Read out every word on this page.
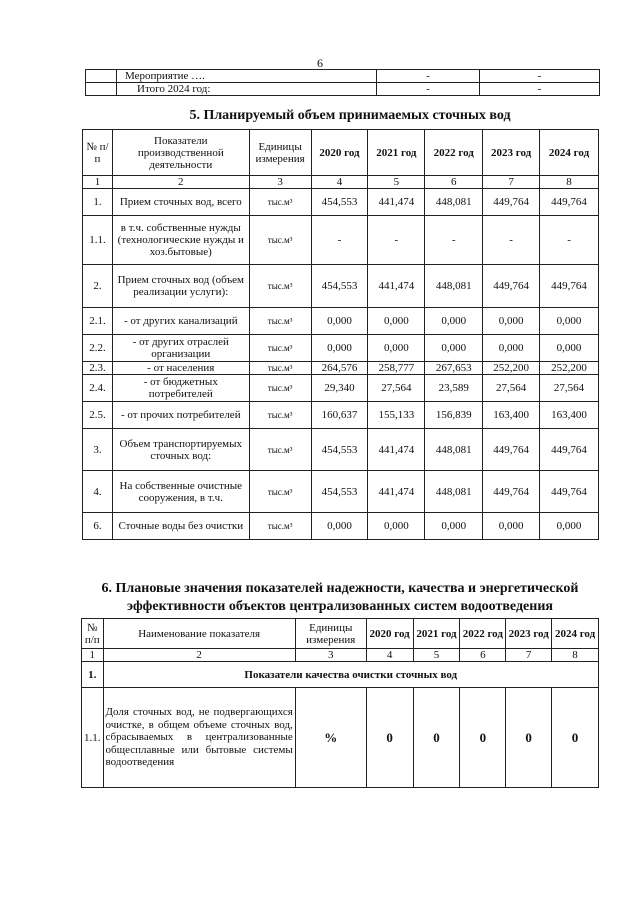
6
	Мероприятие ….	-	-
	Итого 2024 год:	-	-
5. Планируемый объем принимаемых сточных вод
№ п/п	Показатели производственной деятельности	Единицы измерения	2020 год	2021 год	2022 год	2023 год	2024 год
1	2	3	4	5	6	7	8
1.	Прием сточных вод, всего	тыс.м³	454,553	441,474	448,081	449,764	449,764
1.1.	в т.ч. собственные нужды (технологические нужды и хоз.бытовые)	тыс.м³	-	-	-	-	-
2.	Прием сточных вод (объем реализации услуги):	тыс.м³	454,553	441,474	448,081	449,764	449,764
2.1.	- от других канализаций	тыс.м³	0,000	0,000	0,000	0,000	0,000
2.2.	- от других отраслей организации	тыс.м³	0,000	0,000	0,000	0,000	0,000
2.3.	- от населения	тыс.м³	264,576	258,777	267,653	252,200	252,200
2.4.	- от бюджетных потребителей	тыс.м³	29,340	27,564	23,589	27,564	27,564
2.5.	- от прочих потребителей	тыс.м³	160,637	155,133	156,839	163,400	163,400
3.	Объем транспортируемых сточных вод:	тыс.м³	454,553	441,474	448,081	449,764	449,764
4.	На собственные очистные сооружения, в т.ч.	тыс.м³	454,553	441,474	448,081	449,764	449,764
6.	Сточные воды без очистки	тыс.м³	0,000	0,000	0,000	0,000	0,000
6. Плановые значения показателей надежности, качества и энергетической эффективности объектов централизованных систем водоотведения
№ п/п	Наименование показателя	Единицы измерения	2020 год	2021 год	2022 год	2023 год	2024 год
1	2	3	4	5	6	7	8
1.	Показатели качества очистки сточных вод						
1.1.	Доля сточных вод, не подвергающихся очистке, в общем объеме сточных вод, сбрасываемых в централизованные общесплавные или бытовые системы водоотведения	%	0	0	0	0	0
